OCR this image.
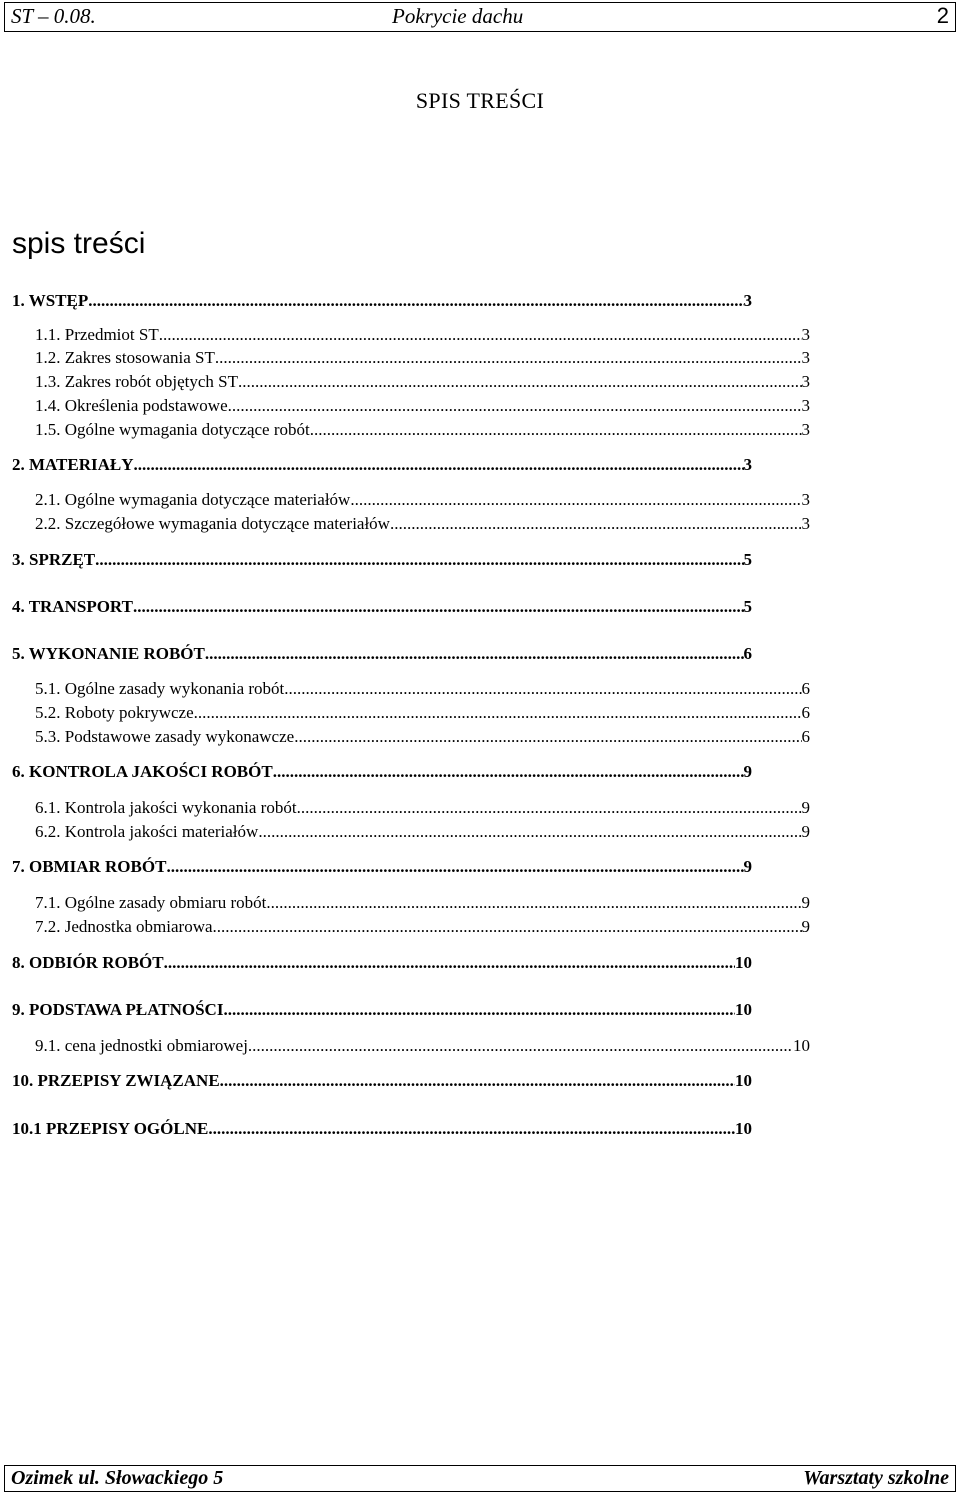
ST – 0.08.	Pokrycie dachu	2
SPIS TREŚCI
spis treści
1. WSTĘP .....	3
1.1. Przedmiot ST .....	3
1.2. Zakres stosowania ST .....	3
1.3. Zakres robót objętych ST .....	3
1.4. Określenia podstawowe .....	3
1.5. Ogólne wymagania dotyczące robót .....	3
2. MATERIAŁY .....	3
2.1. Ogólne wymagania dotyczące materiałów .....	3
2.2. Szczegółowe wymagania dotyczące materiałów .....	3
3. SPRZĘT .....	5
4. TRANSPORT .....	5
5. WYKONANIE ROBÓT .....	6
5.1. Ogólne zasady wykonania robót .....	6
5.2. Roboty pokrywcze .....	6
5.3. Podstawowe zasady wykonawcze .....	6
6. KONTROLA JAKOŚCI ROBÓT .....	9
6.1. Kontrola jakości wykonania robót .....	9
6.2. Kontrola jakości materiałów .....	9
7. OBMIAR ROBÓT .....	9
7.1. Ogólne zasady obmiaru robót .....	9
7.2. Jednostka obmiarowa .....	9
8. ODBIÓR ROBÓT .....	10
9. PODSTAWA PŁATNOŚCI .....	10
9.1. cena jednostki obmiarowej .....	10
10. PRZEPISY ZWIĄZANE .....	10
10.1 PRZEPISY OGÓLNE .....	10
Ozimek ul. Słowackiego 5	Warsztaty szkolne
